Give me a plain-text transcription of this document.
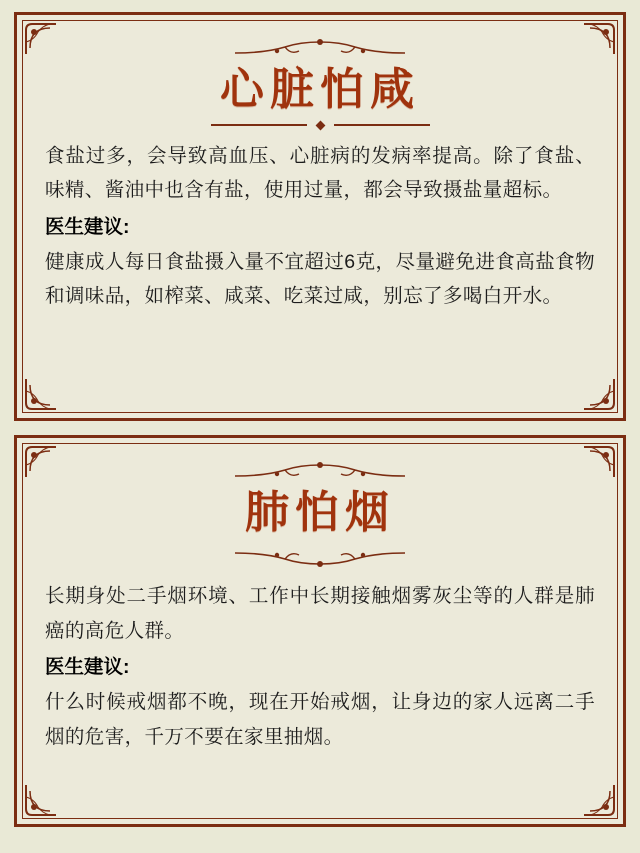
心脏怕咸

食盐过多，会导致高血压、心脏病的发病率提高。除了食盐、味精、酱油中也含有盐，使用过量，都会导致摄盐量超标。

医生建议:

健康成人每日食盐摄入量不宜超过6克，尽量避免进食高盐食物和调味品，如榨菜、咸菜、吃菜过咸，别忘了多喝白开水。

肺怕烟

长期身处二手烟环境、工作中长期接触烟雾灰尘等的人群是肺癌的高危人群。

医生建议:

什么时候戒烟都不晚，现在开始戒烟，让身边的家人远离二手烟的危害，千万不要在家里抽烟。
